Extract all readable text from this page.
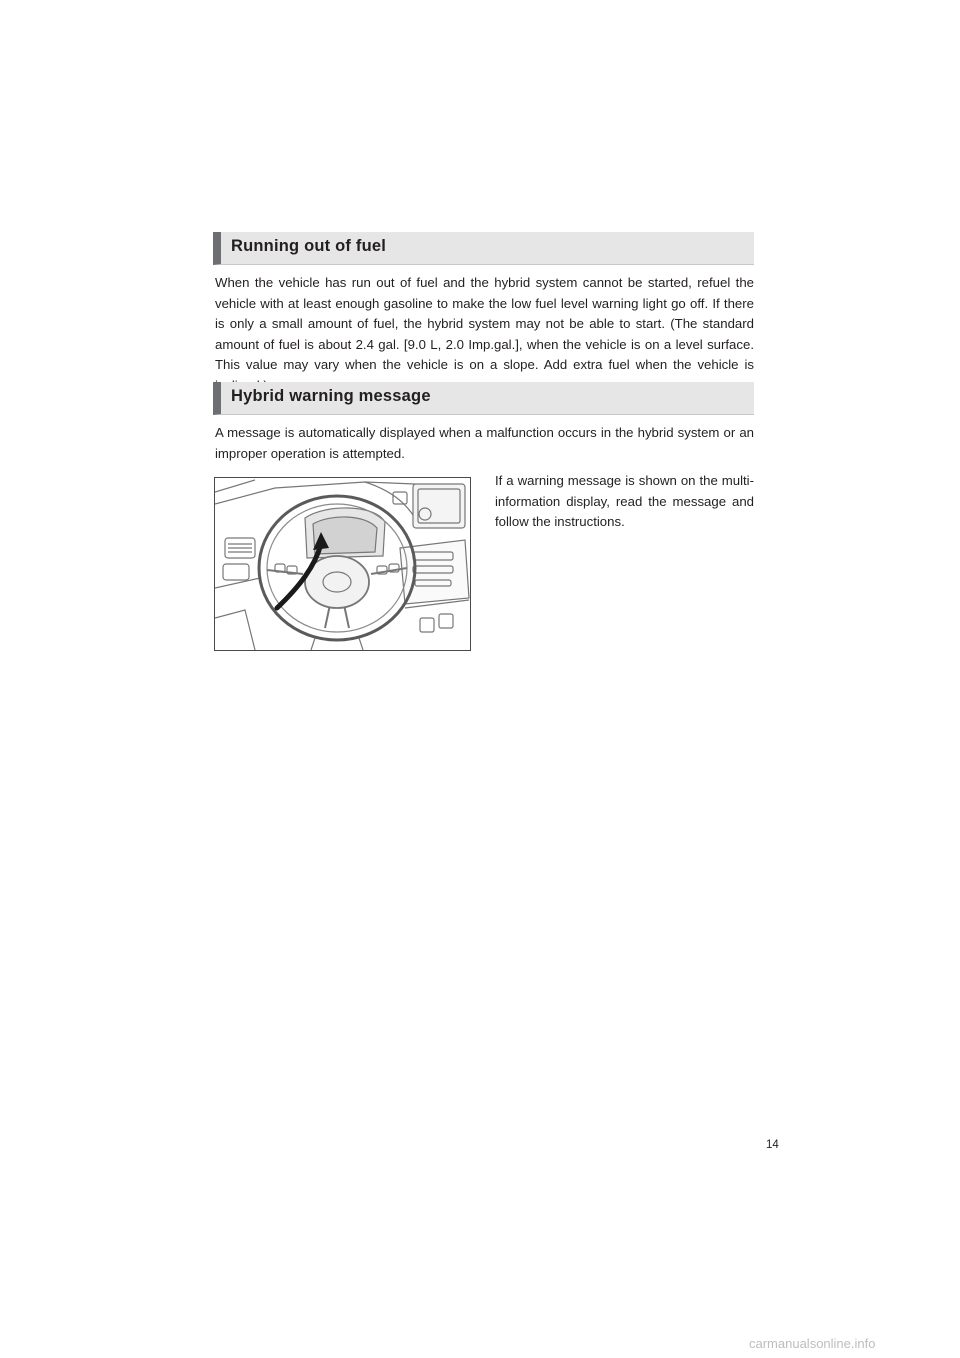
Running out of fuel

When the vehicle has run out of fuel and the hybrid system cannot be started, refuel the vehicle with at least enough gasoline to make the low fuel level warning light go off. If there is only a small amount of fuel, the hybrid system may not be able to start. (The standard amount of fuel is about 2.4 gal. [9.0 L, 2.0 Imp.gal.], when the vehicle is on a level surface. This value may vary when the vehicle is on a slope. Add extra fuel when the vehicle is

Hybrid warning message

A message is automatically displayed when a malfunction occurs in the hybrid system or an improper operation is attempted.

If a warning message is shown on the multi-information display, read the message and follow the instructions.

14
carmanualsonline.info
